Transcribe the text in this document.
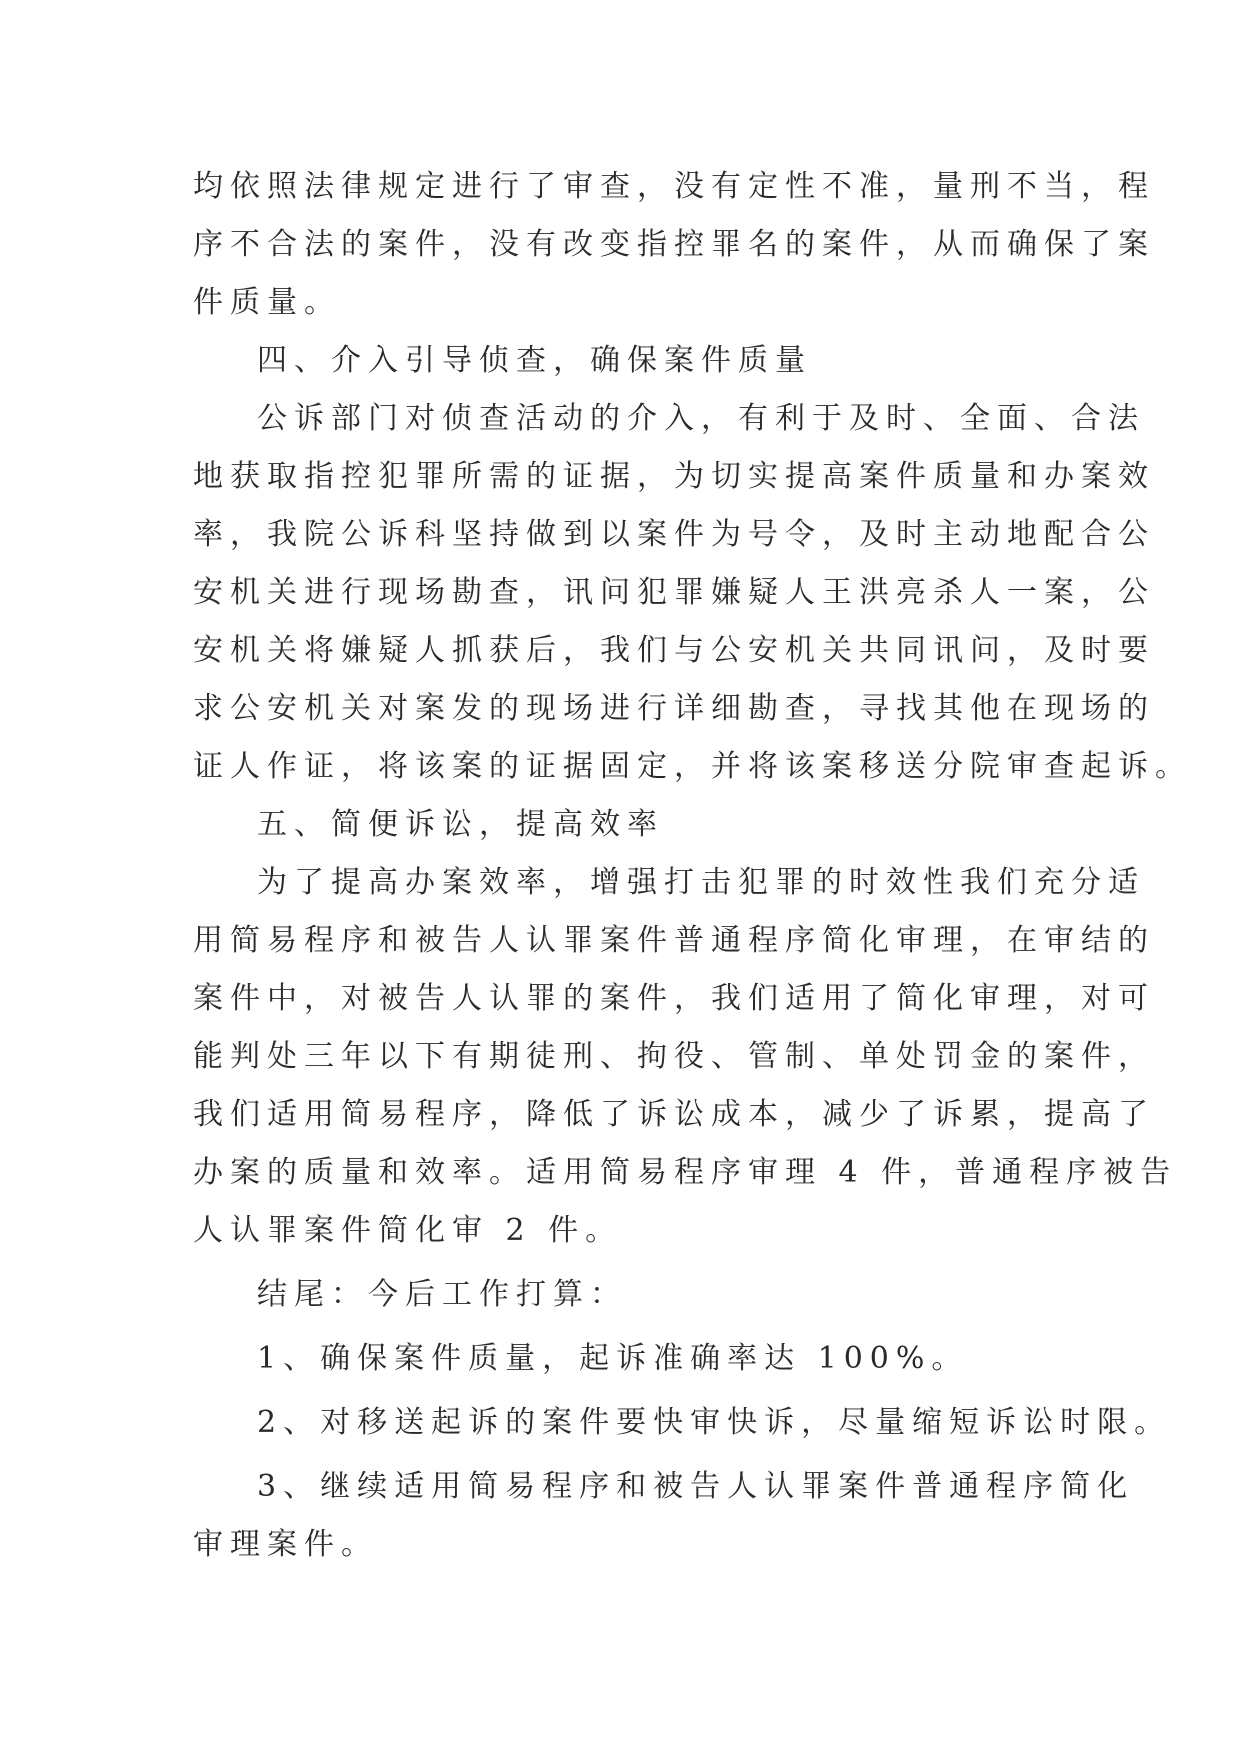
均依照法律规定进行了审查，没有定性不准，量刑不当，程
序不合法的案件，没有改变指控罪名的案件，从而确保了案
件质量。
四、介入引导侦查，确保案件质量
公诉部门对侦查活动的介入，有利于及时、全面、合法
地获取指控犯罪所需的证据，为切实提高案件质量和办案效
率，我院公诉科坚持做到以案件为号令，及时主动地配合公
安机关进行现场勘查，讯问犯罪嫌疑人王洪亮杀人一案，公
安机关将嫌疑人抓获后，我们与公安机关共同讯问，及时要
求公安机关对案发的现场进行详细勘查，寻找其他在现场的
证人作证，将该案的证据固定，并将该案移送分院审查起诉。
五、简便诉讼，提高效率
为了提高办案效率，增强打击犯罪的时效性我们充分适
用简易程序和被告人认罪案件普通程序简化审理，在审结的
案件中，对被告人认罪的案件，我们适用了简化审理，对可
能判处三年以下有期徒刑、拘役、管制、单处罚金的案件，
我们适用简易程序，降低了诉讼成本，减少了诉累，提高了
办案的质量和效率。适用简易程序审理 4 件，普通程序被告
人认罪案件简化审 2 件。
结尾：今后工作打算：
1、确保案件质量，起诉准确率达 100%。
2、对移送起诉的案件要快审快诉，尽量缩短诉讼时限。
3、继续适用简易程序和被告人认罪案件普通程序简化
审理案件。
